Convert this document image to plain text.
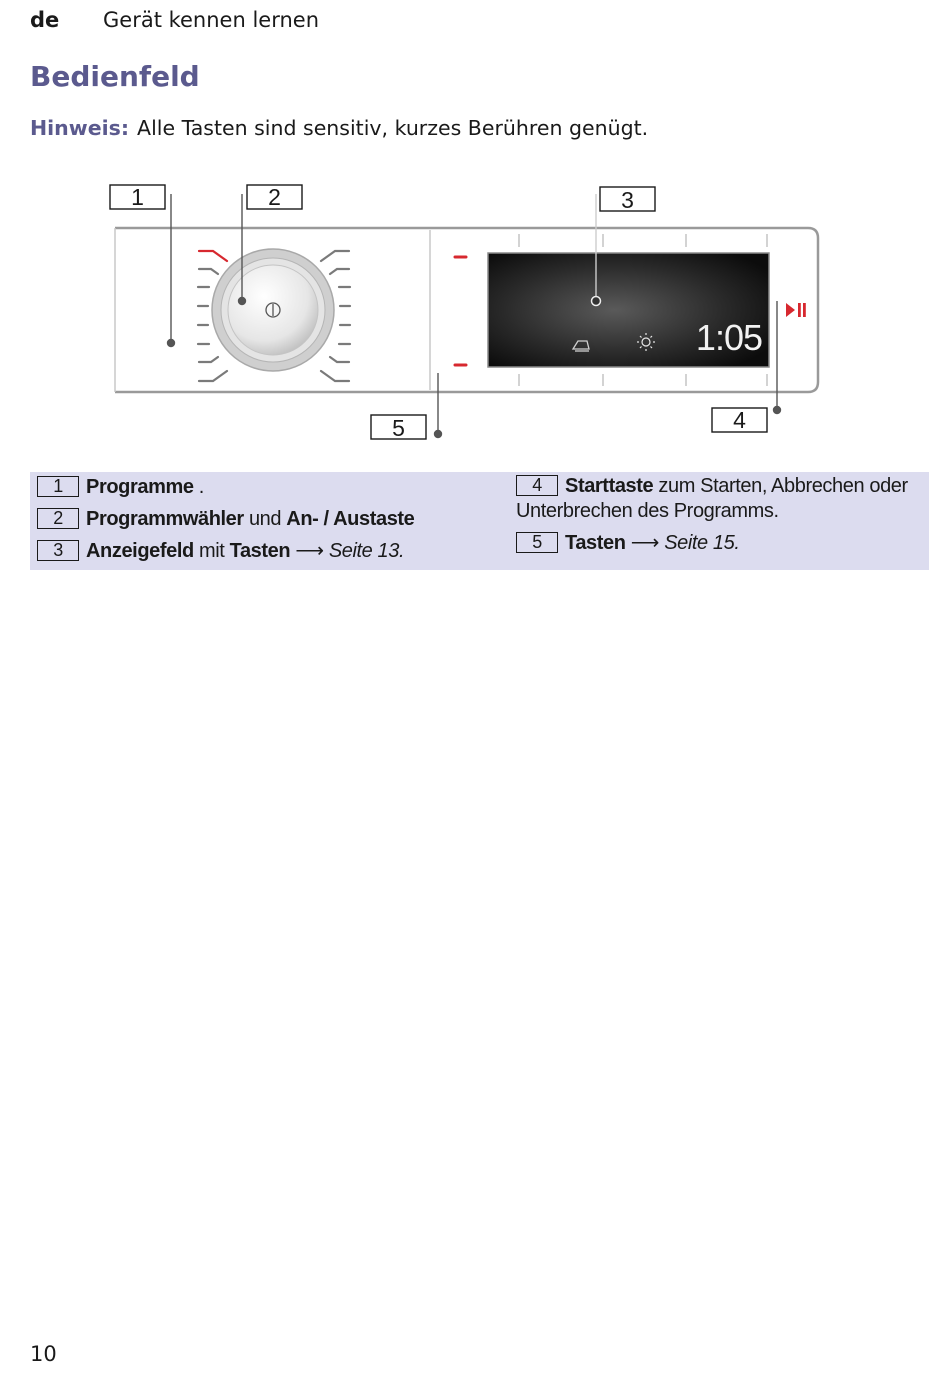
de Gerät kennen lernen
Bedienfeld
Hinweis: Alle Tasten sind sensitiv, kurzes Berühren genügt.
1:05
1	2	3
4
5
1 Programme .
2 Programmwähler und An- / Austaste
3 Anzeigefeld mit Tasten ⟶ Seite 13.
4 Starttaste zum Starten, Abbrechen oder Unterbrechen des Programms.
5 Tasten ⟶ Seite 15.
10
